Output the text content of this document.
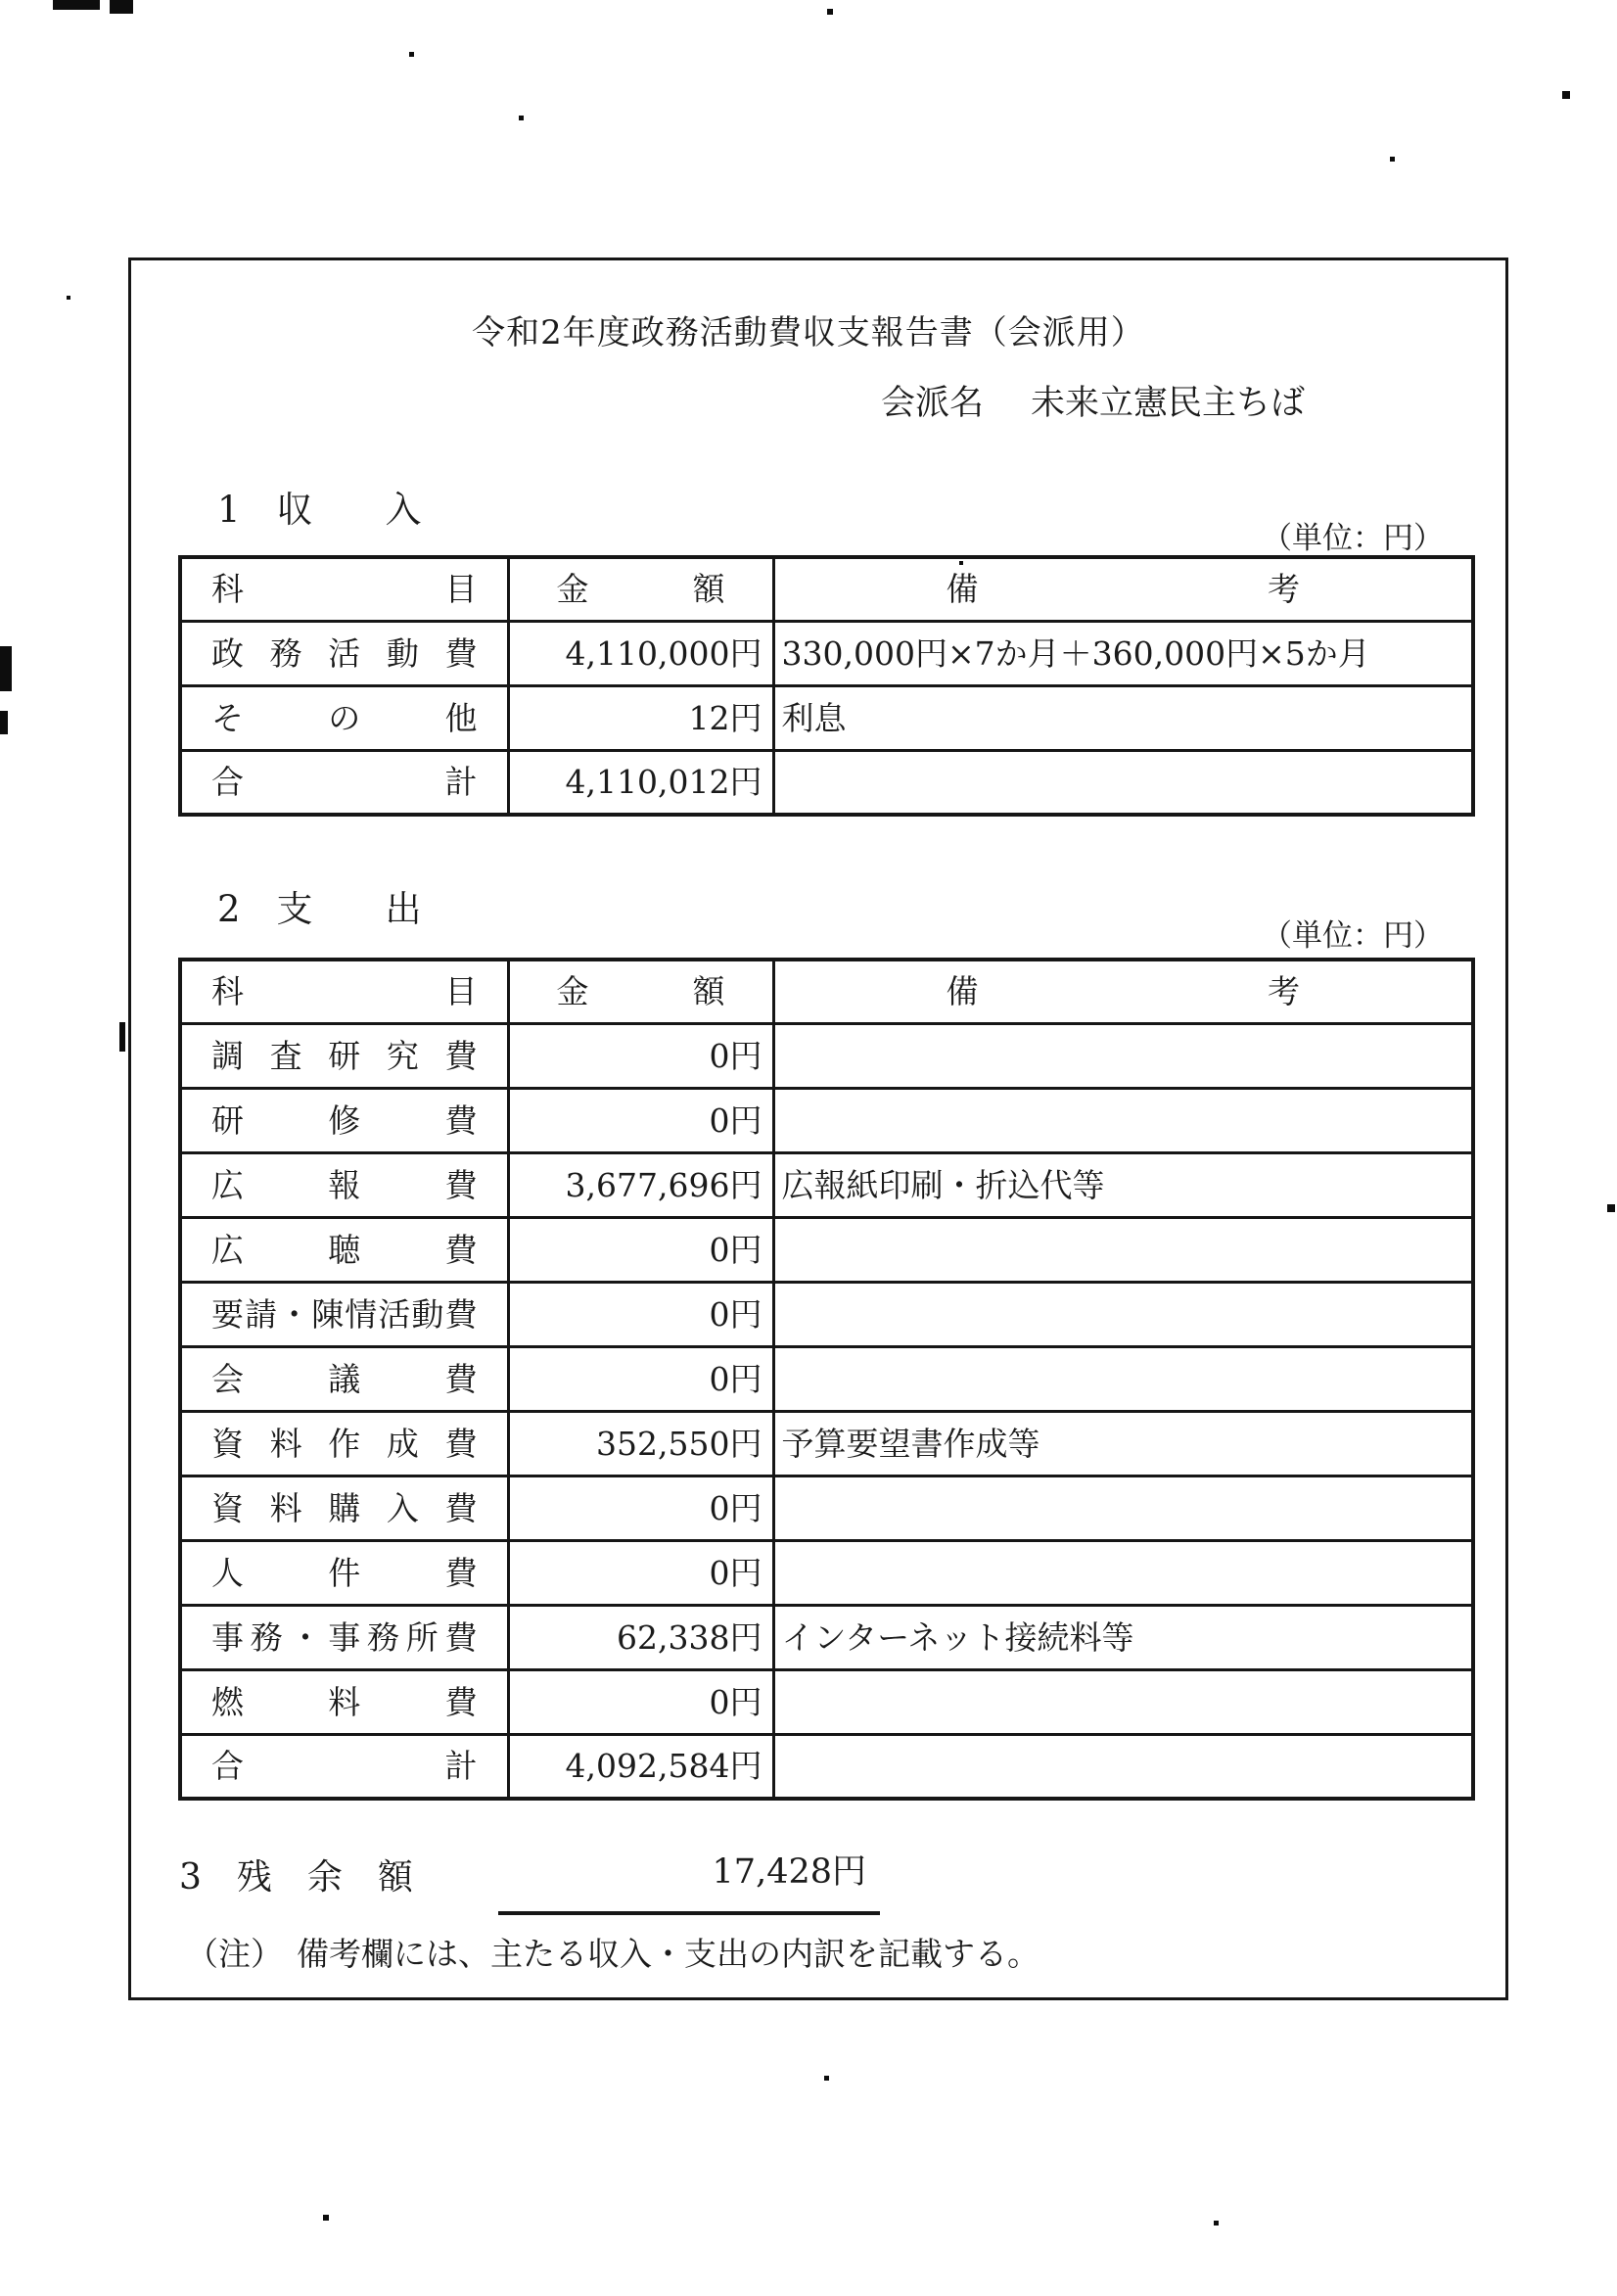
令和2年度政務活動費収支報告書（会派用）
会派名 未来立憲民主ちば
1　収　　入
（単位：円）
科目	金額	備考
政務活動費	4,110,000円	330,000円×7か月＋360,000円×5か月
その他	12円	利息
合計	4,110,012円	
2　支　　出
（単位：円）
科目	金額	備考
調査研究費	0円	
研修費	0円	
広報費	3,677,696円	広報紙印刷・折込代等
広聴費	0円	
要請・陳情活動費	0円	
会議費	0円	
資料作成費	352,550円	予算要望書作成等
資料購入費	0円	
人件費	0円	
事務・事務所費	62,338円	インターネット接続料等
燃料費	0円	
合計	4,092,584円	
3　残　余　額	17,428円
（注） 備考欄には、主たる収入・支出の内訳を記載する。
